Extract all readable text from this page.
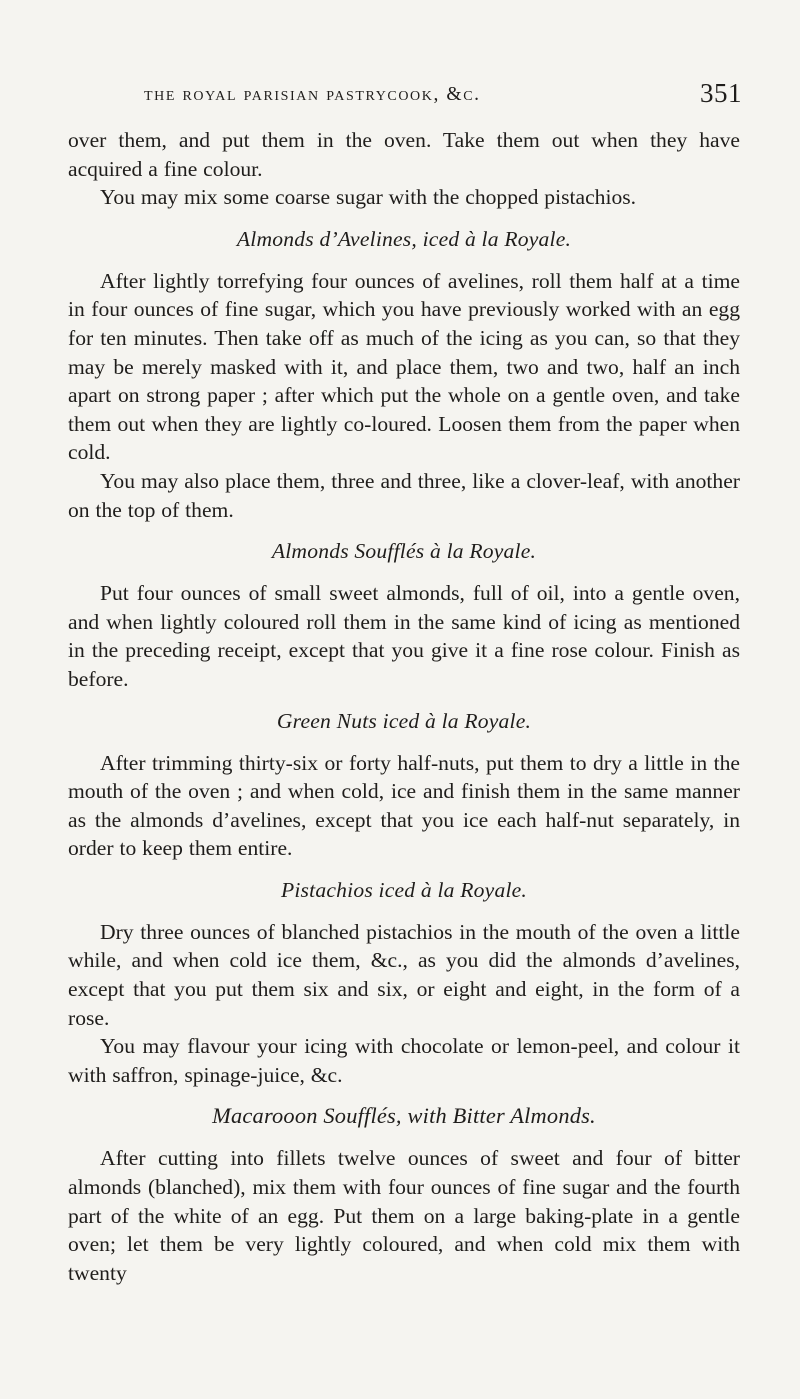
the royal parisian pastrycook, &c.	351

over them, and put them in the oven. Take them out when they have acquired a fine colour.

You may mix some coarse sugar with the chopped pistachios.

Almonds d’Avelines, iced à la Royale.

After lightly torrefying four ounces of avelines, roll them half at a time in four ounces of fine sugar, which you have previously worked with an egg for ten minutes. Then take off as much of the icing as you can, so that they may be merely masked with it, and place them, two and two, half an inch apart on strong paper ; after which put the whole on a gentle oven, and take them out when they are lightly co-loured. Loosen them from the paper when cold.

You may also place them, three and three, like a clover-leaf, with another on the top of them.

Almonds Soufflés à la Royale.

Put four ounces of small sweet almonds, full of oil, into a gentle oven, and when lightly coloured roll them in the same kind of icing as mentioned in the preceding receipt, except that you give it a fine rose colour. Finish as before.

Green Nuts iced à la Royale.

After trimming thirty-six or forty half-nuts, put them to dry a little in the mouth of the oven ; and when cold, ice and finish them in the same manner as the almonds d’avelines, except that you ice each half-nut separately, in order to keep them entire.

Pistachios iced à la Royale.

Dry three ounces of blanched pistachios in the mouth of the oven a little while, and when cold ice them, &c., as you did the almonds d’avelines, except that you put them six and six, or eight and eight, in the form of a rose.

You may flavour your icing with chocolate or lemon-peel, and colour it with saffron, spinage-juice, &c.

Macarooon Soufflés, with Bitter Almonds.

After cutting into fillets twelve ounces of sweet and four of bitter almonds (blanched), mix them with four ounces of fine sugar and the fourth part of the white of an egg. Put them on a large baking-plate in a gentle oven; let them be very lightly coloured, and when cold mix them with twenty
